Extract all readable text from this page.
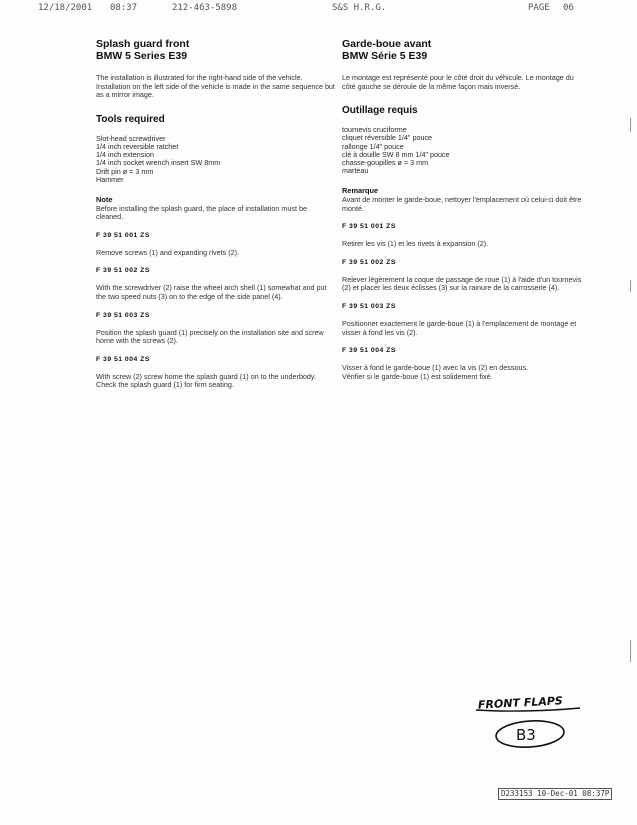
12/18/2001 08:37	212-463-5898	S&S H.R.G.	PAGE 06
Splash guard front
BMW 5 Series E39

The installation is illustrated for the right-hand side of the vehicle. Installation on the left side of the vehicle is made in the same sequence but as a mirror image.

Tools required
Slot-head screwdriver
1/4 inch reversible ratchet
1/4 inch extension
1/4 inch socket wrench insert SW 8mm
Drift pin ø = 3 mm
Hammer
Note

Before installing the splash guard, the place of installation must be cleaned.

F 39 51 001 ZS

Remove screws (1) and expanding rivets (2).

F 39 51 002 ZS

With the screwdriver (2) raise the wheel arch shell (1) somewhat and put the two speed nuts (3) on to the edge of the side panel (4).

F 39 51 003 ZS

Position the splash guard (1) precisely on the installation site and screw home with the screws (2).

F 39 51 004 ZS

With screw (2) screw home the splash guard (1) on to the underbody.
Check the splash guard (1) for firm seating.

Garde-boue avant
BMW Série 5 E39

Le montage est représenté pour le côté droit du véhicule. Le montage du côté gauche se déroule de la même façon mais inversé.

Outillage requis
tournevis cruciforme
cliquet réversible 1/4" pouce
rallonge 1/4" pouce
clé à douille SW 8 mm 1/4" pouce
chasse-goupilles ø = 3 mm
marteau
Remarque

Avant de monter le garde-boue, nettoyer l'emplacement où celui-ci doit être monté.

F 39 51 001 ZS

Retirer les vis (1) et les rivets à expansion (2).

F 39 51 002 ZS

Relever légèrement la coque de passage de roue (1) à l'aide d'un tournevis (2) et placer les deux éclisses (3) sur la rainure de la carrosserie (4).

F 39 51 003 ZS

Positionner exactement le garde-boue (1) à l'emplacement de montage et visser à fond les vis (2).

F 39 51 004 ZS

Visser à fond le garde-boue (1) avec la vis (2) en dessous.
Vérifier si le garde-boue (1) est solidement fixé.

FRONT FLAPS
B3
D233153 10-Dec-01 08:37P
